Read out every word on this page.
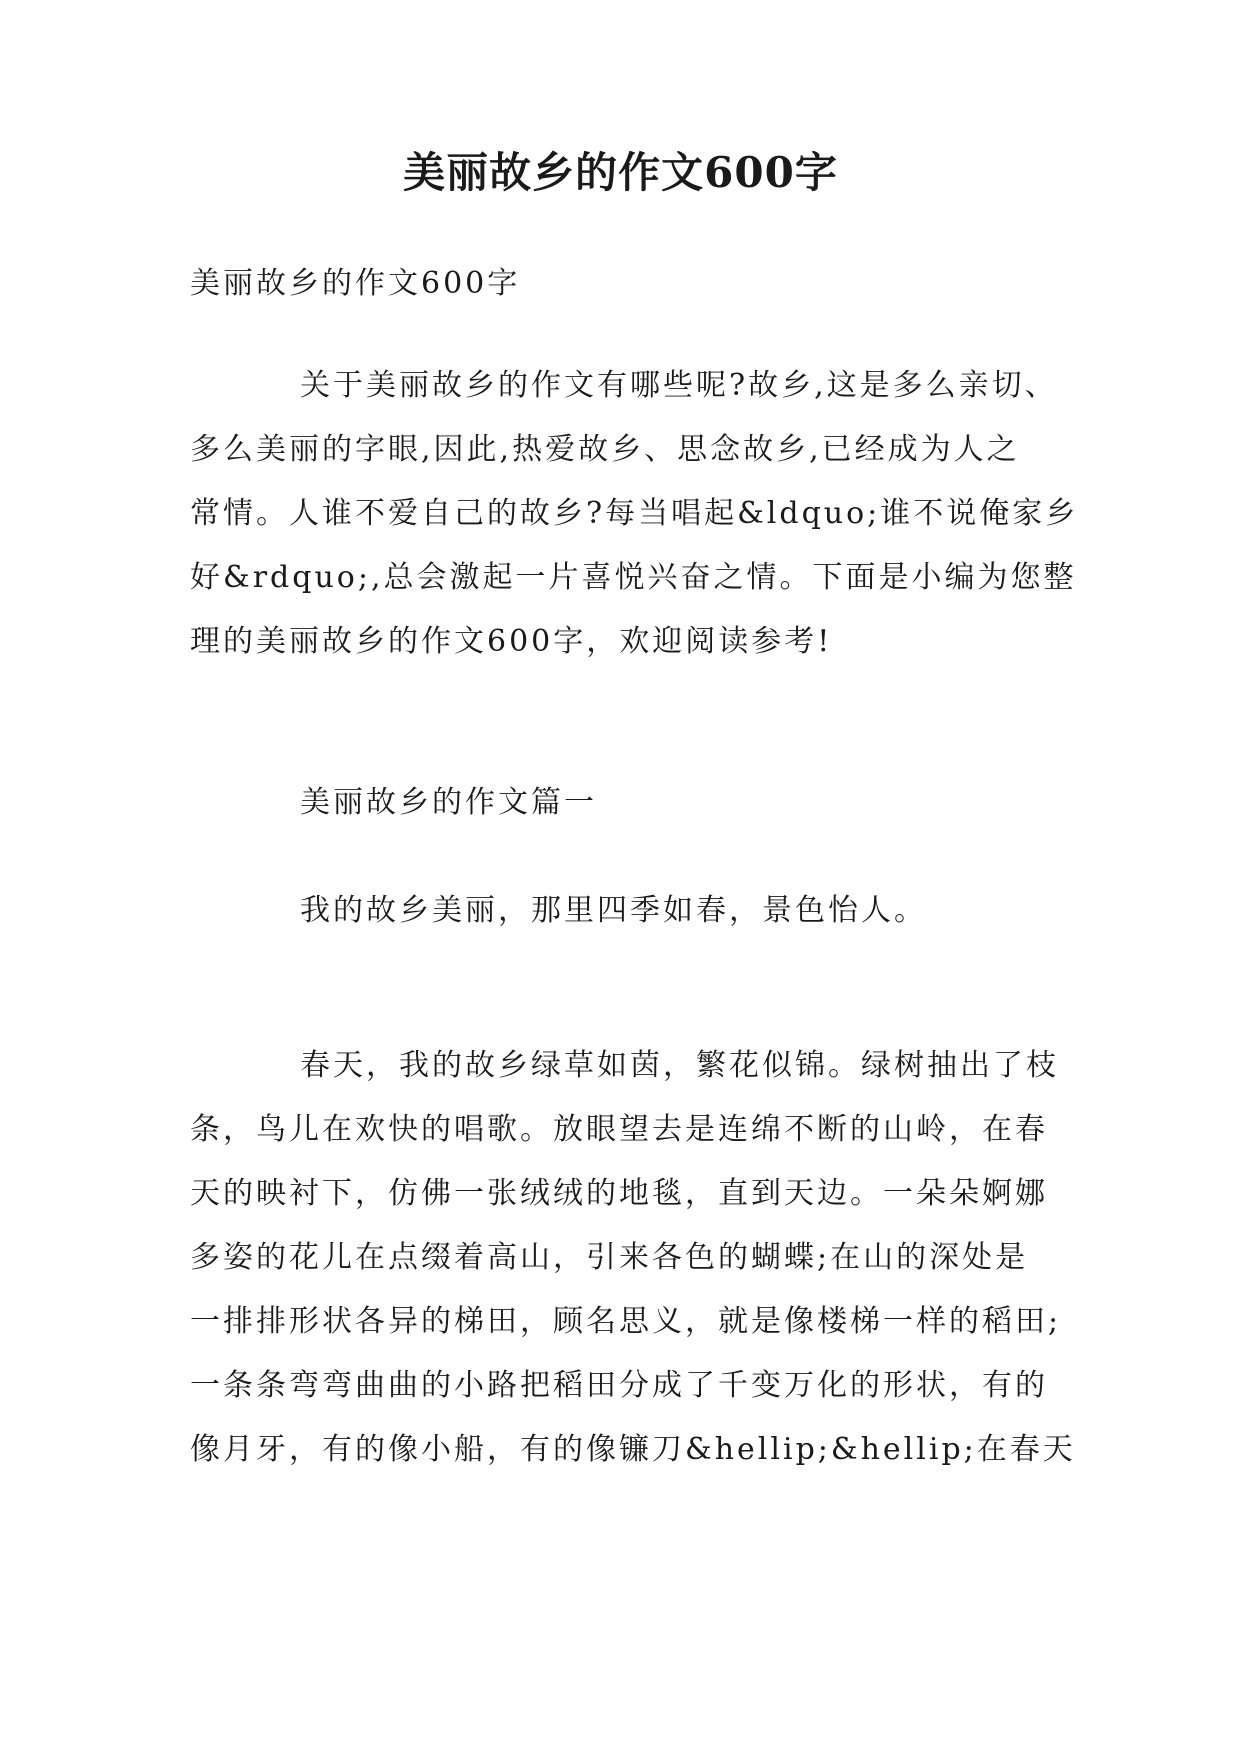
美丽故乡的作文600字

美丽故乡的作文600字

关于美丽故乡的作文有哪些呢?故乡,这是多么亲切、
多么美丽的字眼,因此,热爱故乡、思念故乡,已经成为人之
常情。人谁不爱自己的故乡?每当唱起&ldquo;谁不说俺家乡
好&rdquo;,总会激起一片喜悦兴奋之情。下面是小编为您整
理的美丽故乡的作文600字，欢迎阅读参考!

美丽故乡的作文篇一

我的故乡美丽，那里四季如春，景色怡人。

春天，我的故乡绿草如茵，繁花似锦。绿树抽出了枝
条，鸟儿在欢快的唱歌。放眼望去是连绵不断的山岭，在春
天的映衬下，仿佛一张绒绒的地毯，直到天边。一朵朵婀娜
多姿的花儿在点缀着高山，引来各色的蝴蝶;在山的深处是
一排排形状各异的梯田，顾名思义，就是像楼梯一样的稻田;
一条条弯弯曲曲的小路把稻田分成了千变万化的形状，有的
像月牙，有的像小船，有的像镰刀&hellip;&hellip;在春天
